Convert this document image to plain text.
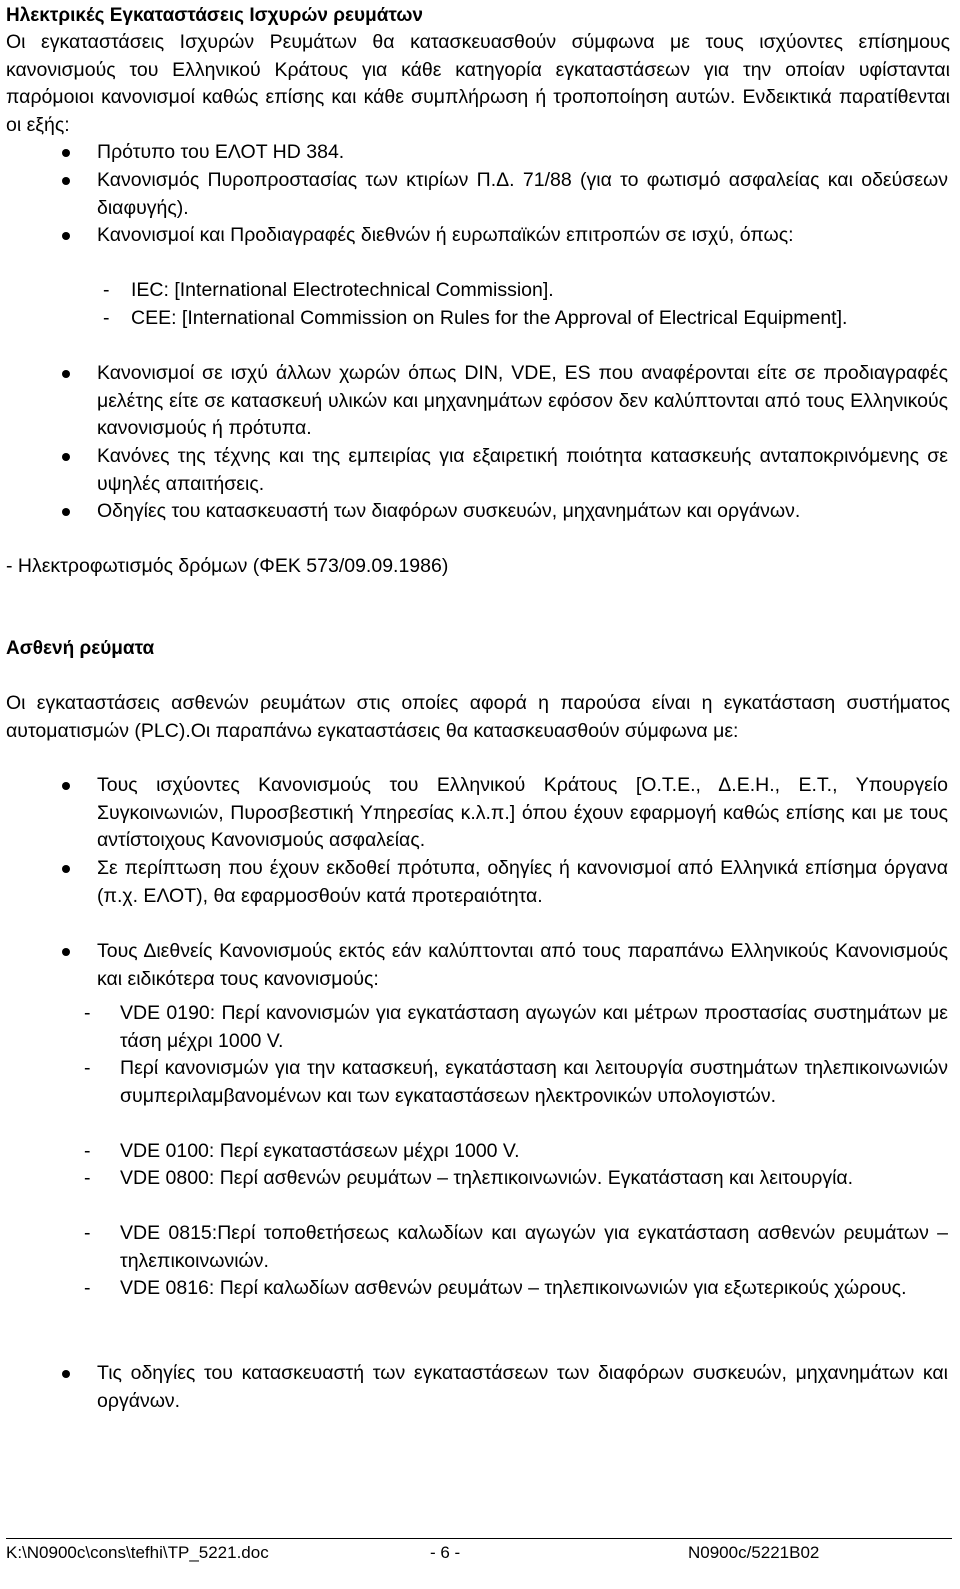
Ηλεκτρικές Εγκαταστάσεις Ισχυρών ρευμάτων

Οι εγκαταστάσεις Ισχυρών Ρευμάτων θα κατασκευασθούν σύμφωνα με τους ισχύοντες επίσημους κανονισμούς του Ελληνικού Κράτους για κάθε κατηγορία εγκαταστάσεων για την οποίαν υφίστανται παρόμοιοι κανονισμοί καθώς επίσης και κάθε συμπλήρωση ή τροποποίηση αυτών. Ενδεικτικά παρατίθενται οι εξής:

Πρότυπο του ΕΛΟΤ HD 384.

Κανονισμός Πυροπροστασίας των κτιρίων Π.Δ. 71/88 (για το φωτισμό ασφαλείας και οδεύσεων διαφυγής).

Κανονισμοί και Προδιαγραφές διεθνών ή ευρωπαϊκών επιτροπών σε ισχύ, όπως:

- IEC: [International Electrotechnical Commission].
- CEE: [International Commission on Rules for the Approval of Electrical Equipment].

Κανονισμοί σε ισχύ άλλων χωρών όπως DIN, VDE, ES που αναφέρονται είτε σε προδιαγραφές μελέτης είτε σε κατασκευή υλικών και μηχανημάτων εφόσον δεν καλύπτονται από τους Ελληνικούς κανονισμούς ή πρότυπα.

Κανόνες της τέχνης και της εμπειρίας για εξαιρετική ποιότητα κατασκευής ανταποκρινόμενης σε υψηλές απαιτήσεις.

Οδηγίες του κατασκευαστή των διαφόρων συσκευών, μηχανημάτων και οργάνων.

- Ηλεκτροφωτισμός δρόμων (ΦΕΚ 573/09.09.1986)

Ασθενή ρεύματα

Οι εγκαταστάσεις ασθενών ρευμάτων στις οποίες αφορά η παρούσα είναι η εγκατάσταση συστήματος αυτοματισμών (PLC).Οι παραπάνω εγκαταστάσεις θα κατασκευασθούν σύμφωνα με:

Τους ισχύοντες Κανονισμούς του Ελληνικού Κράτους [Ο.Τ.Ε., Δ.Ε.Η., Ε.Τ., Υπουργείο Συγκοινωνιών, Πυροσβεστική Υπηρεσίας κ.λ.π.] όπου έχουν εφαρμογή καθώς επίσης και με τους αντίστοιχους Κανονισμούς ασφαλείας.

Σε περίπτωση που έχουν εκδοθεί πρότυπα, οδηγίες ή κανονισμοί από Ελληνικά επίσημα όργανα (π.χ. ΕΛΟΤ), θα εφαρμοσθούν κατά προτεραιότητα.

Τους Διεθνείς Κανονισμούς εκτός εάν καλύπτονται από τους παραπάνω Ελληνικούς Κανονισμούς και ειδικότερα τους κανονισμούς:

- VDE 0190: Περί κανονισμών για εγκατάσταση αγωγών και μέτρων προστασίας συστημάτων με τάση μέχρι 1000 V.
- Περί κανονισμών για την κατασκευή, εγκατάσταση και λειτουργία συστημάτων τηλεπικοινωνιών συμπεριλαμβανομένων και των εγκαταστάσεων ηλεκτρονικών υπολογιστών.
- VDE 0100: Περί εγκαταστάσεων μέχρι 1000 V.
- VDE 0800: Περί ασθενών ρευμάτων – τηλεπικοινωνιών. Εγκατάσταση και λειτουργία.
- VDE 0815:Περί τοποθετήσεως καλωδίων και αγωγών για εγκατάσταση ασθενών ρευμάτων – τηλεπικοινωνιών.
- VDE 0816: Περί καλωδίων ασθενών ρευμάτων – τηλεπικοινωνιών για εξωτερικούς χώρους.

Τις οδηγίες του κατασκευαστή των εγκαταστάσεων των διαφόρων συσκευών, μηχανημάτων και οργάνων.

K:\N0900c\cons\tefhi\TP_5221.doc	- 6 -	N0900c/5221B02
